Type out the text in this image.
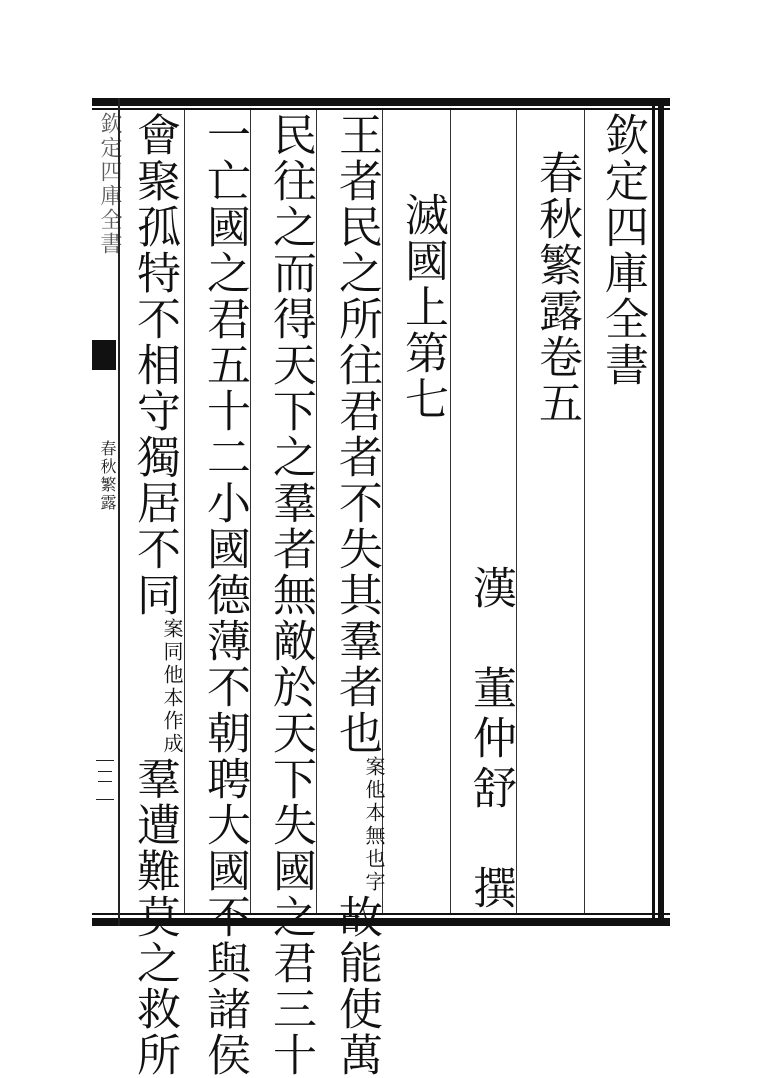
欽定四庫全書
春秋繁露
欽定四庫全書
春秋繁露卷五
漢　董仲舒　撰
滅國上第七
王者民之所往君者不失其羣者也案他本無也字故能使萬
民往之而得天下之羣者無敵於天下失國之君三十
一亡國之君五十二小國德薄不朝聘大國不與諸侯
會聚孤特不相守獨居不同案同他本作成羣遭難莫之救所
